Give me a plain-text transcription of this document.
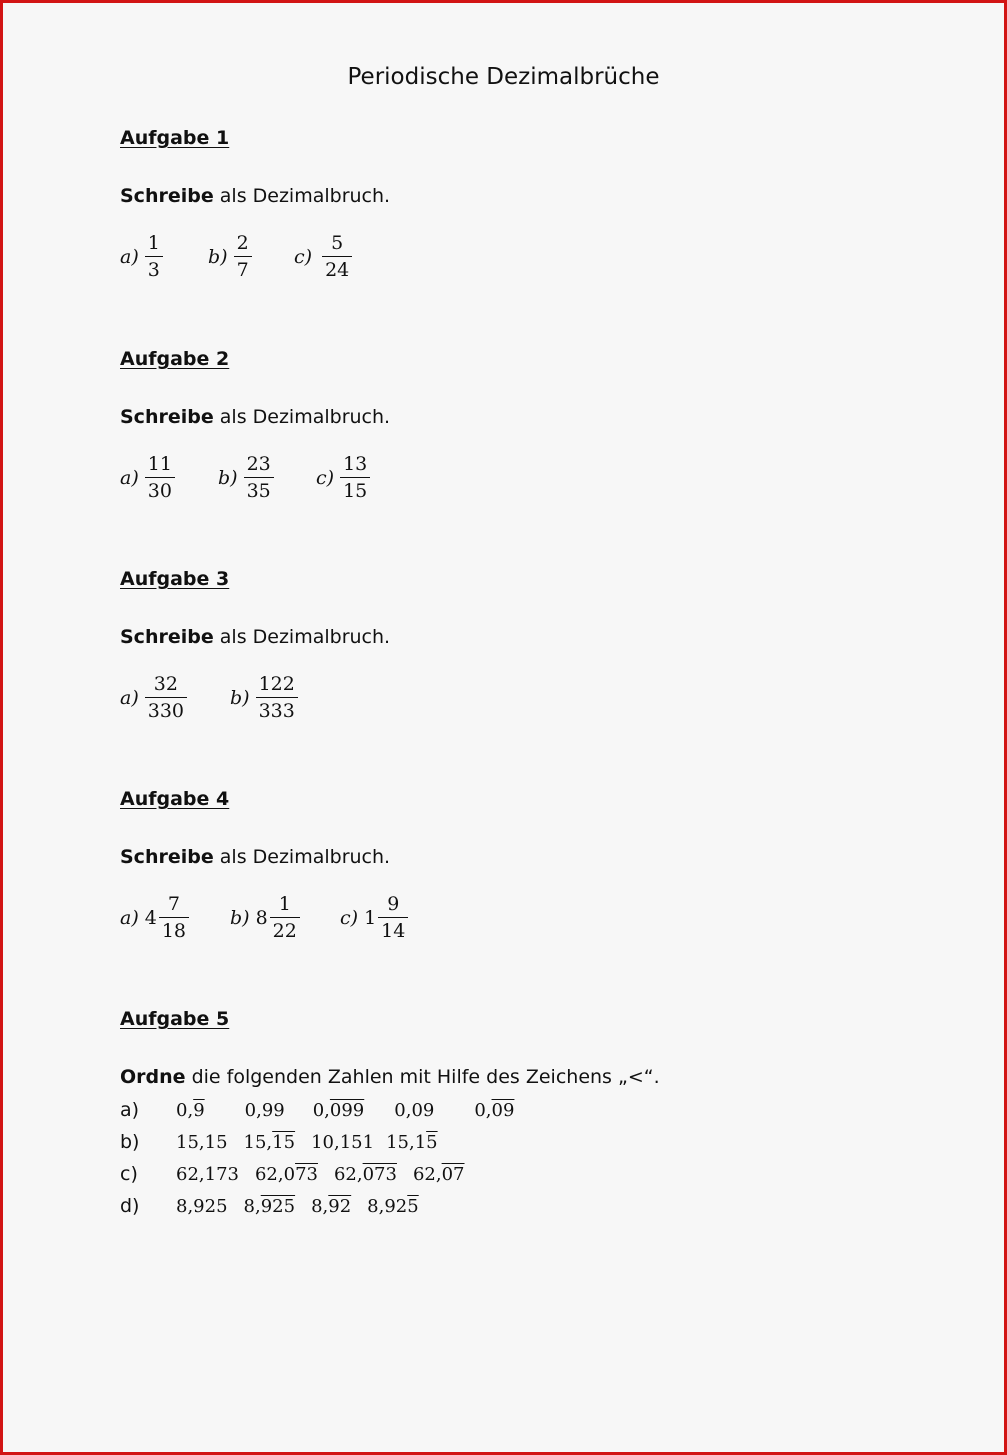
Periodische Dezimalbrüche
Aufgabe 1
Schreibe als Dezimalbruch.
$a) \frac{1}{3} b) \frac{2}{7} c) \frac{5}{24}$
Aufgabe 2
Schreibe als Dezimalbruch.
$a) \frac{11}{30} b) \frac{23}{35} c) \frac{13}{15}$
Aufgabe 3
Schreibe als Dezimalbruch.
$a) \frac{32}{330} b) \frac{122}{333}$
Aufgabe 4
Schreibe als Dezimalbruch.
a) $4 \frac{7}{18} b$) $8 \frac{1}{22} c$) $1 \frac{9}{14}$
Aufgabe 5
Ordne die folgenden Zahlen mit Hilfe des Zeichens „<“.
a)	0,9 0,99 0,099 0,09 0,09
b)	15,15 15,15 10,151 15,15
c)	62,173 62,073 62,073 62,07
d)	8,925 8,925 8,92 8,925
